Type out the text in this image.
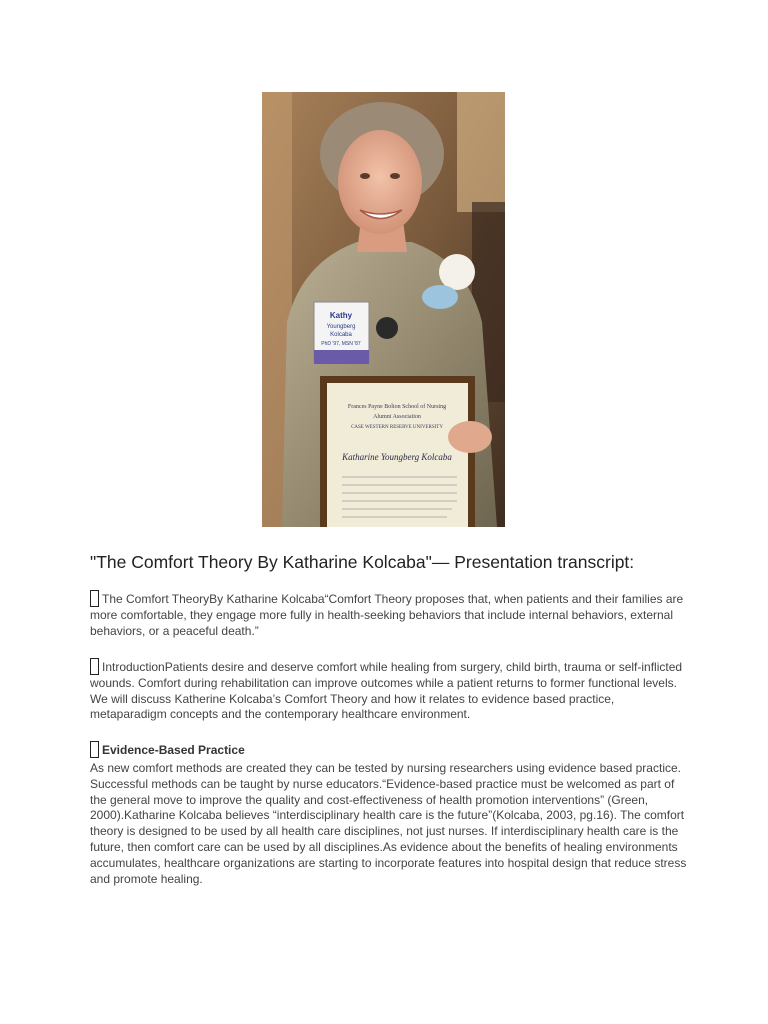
Kathy
Youngberg
Kolcaba
PhD '97, MSN '87
Frances Payne Bolton School of Nursing
Alumni Association
CASE WESTERN RESERVE UNIVERSITY
Katharine Youngberg Kolcaba
"The Comfort Theory By Katharine Kolcaba"— Presentation transcript:

The Comfort TheoryBy Katharine Kolcaba“Comfort Theory proposes that, when patients and their families are more comfortable, they engage more fully in health-seeking behaviors that include internal behaviors, external behaviors, or a peaceful death.”

IntroductionPatients desire and deserve comfort while healing from surgery, child birth, trauma or self-inflicted wounds. Comfort during rehabilitation can improve outcomes while a patient returns to former functional levels. We will discuss Katherine Kolcaba’s Comfort Theory and how it relates to evidence based practice, metaparadigm concepts and the contemporary healthcare environment.

Evidence-Based Practice

As new comfort methods are created they can be tested by nursing researchers using evidence based practice. Successful methods can be taught by nurse educators.“Evidence-based practice must be welcomed as part of the general move to improve the quality and cost-effectiveness of health promotion interventions” (Green, 2000).Katharine Kolcaba believes “interdisciplinary health care is the future”(Kolcaba, 2003, pg.16). The comfort theory is designed to be used by all health care disciplines, not just nurses. If interdisciplinary health care is the future, then comfort care can be used by all disciplines.As evidence about the benefits of healing environments accumulates, healthcare organizations are starting to incorporate features into hospital design that reduce stress and promote healing.
